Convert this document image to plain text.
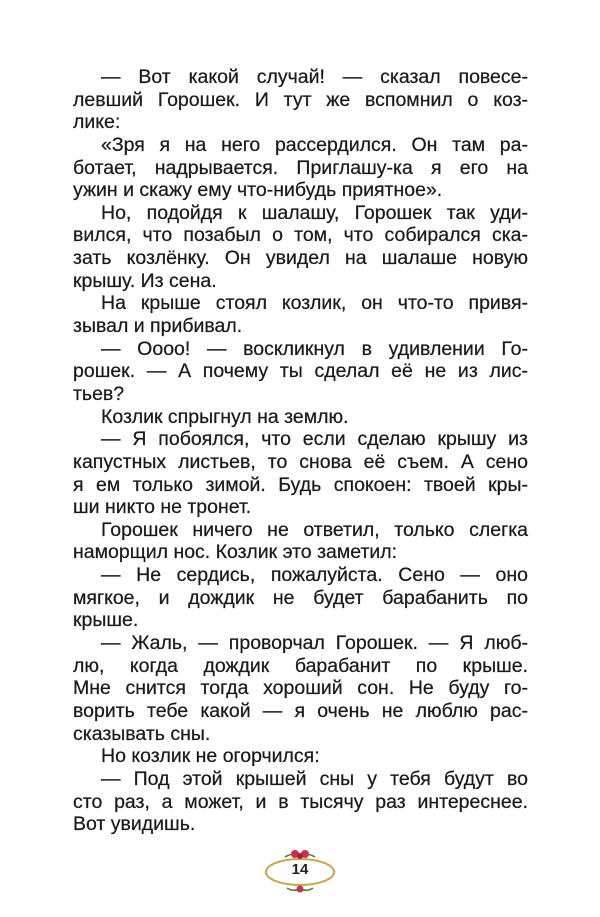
— Вот какой случай! — сказал повесе-
левший Горошек. И тут же вспомнил о коз-
лике:
«Зря я на него рассердился. Он там ра-
ботает, надрывается. Приглашу-ка я его на
ужин и скажу ему что-нибудь приятное».
Но, подойдя к шалашу, Горошек так уди-
вился, что позабыл о том, что собирался ска-
зать козлёнку. Он увидел на шалаше новую
крышу. Из сена.
На крыше стоял козлик, он что-то привя-
зывал и прибивал.
— Оооо! — воскликнул в удивлении Го-
рошек. — А почему ты сделал её не из лис-
тьев?
Козлик спрыгнул на землю.
— Я побоялся, что если сделаю крышу из
капустных листьев, то снова её съем. А сено
я ем только зимой. Будь спокоен: твоей кры-
ши никто не тронет.
Горошек ничего не ответил, только слегка
наморщил нос. Козлик это заметил:
— Не сердись, пожалуйста. Сено — оно
мягкое, и дождик не будет барабанить по
крыше.
— Жаль, — проворчал Горошек. — Я люб-
лю, когда дождик барабанит по крыше.
Мне снится тогда хороший сон. Не буду го-
ворить тебе какой — я очень не люблю рас-
сказывать сны.
Но козлик не огорчился:
— Под этой крышей сны у тебя будут во
сто раз, а может, и в тысячу раз интереснее.
Вот увидишь.
14
